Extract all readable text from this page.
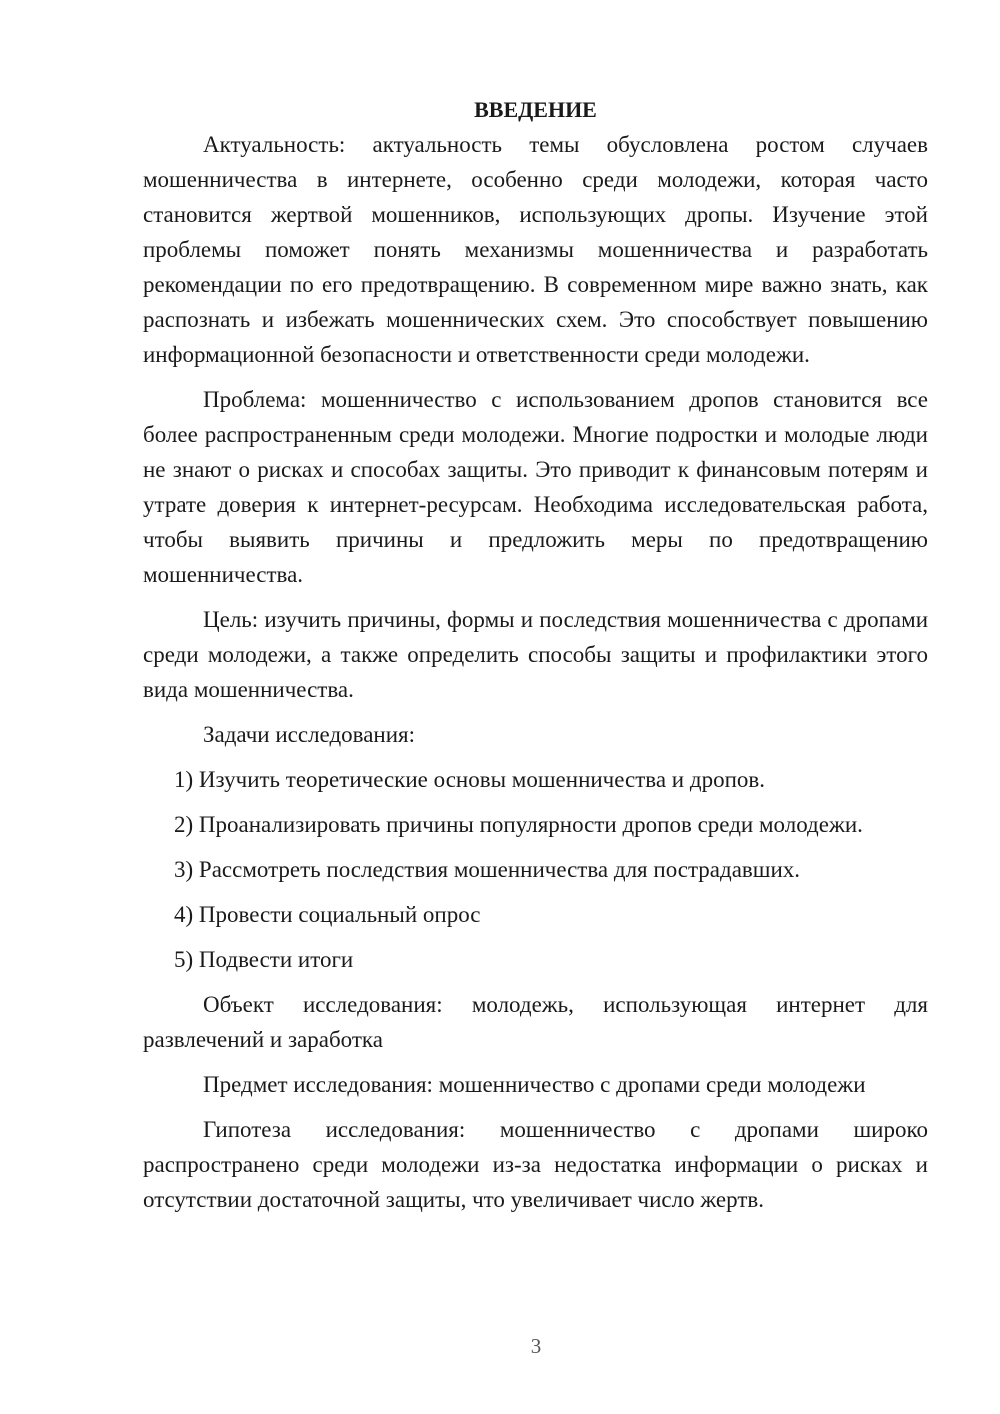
ВВЕДЕНИЕ

Актуальность: актуальность темы обусловлена ростом случаев мошенничества в интернете, особенно среди молодежи, которая часто становится жертвой мошенников, использующих дропы. Изучение этой проблемы поможет понять механизмы мошенничества и разработать рекомендации по его предотвращению. В современном мире важно знать, как распознать и избежать мошеннических схем. Это способствует повышению информационной безопасности и ответственности среди молодежи.

Проблема: мошенничество с использованием дропов становится все более распространенным среди молодежи. Многие подростки и молодые люди не знают о рисках и способах защиты. Это приводит к финансовым потерям и утрате доверия к интернет-ресурсам. Необходима исследовательская работа, чтобы выявить причины и предложить меры по предотвращению мошенничества.

Цель: изучить причины, формы и последствия мошенничества с дропами среди молодежи, а также определить способы защиты и профилактики этого вида мошенничества.

Задачи исследования:

1) Изучить теоретические основы мошенничества и дропов.
2) Проанализировать причины популярности дропов среди молодежи.
3) Рассмотреть последствия мошенничества для пострадавших.
4) Провести социальный опрос
5) Подвести итоги

Объект исследования: молодежь, использующая интернет для развлечений и заработка

Предмет исследования: мошенничество с дропами среди молодежи

Гипотеза исследования: мошенничество с дропами широко распространено среди молодежи из-за недостатка информации о рисках и отсутствии достаточной защиты, что увеличивает число жертв.

3
